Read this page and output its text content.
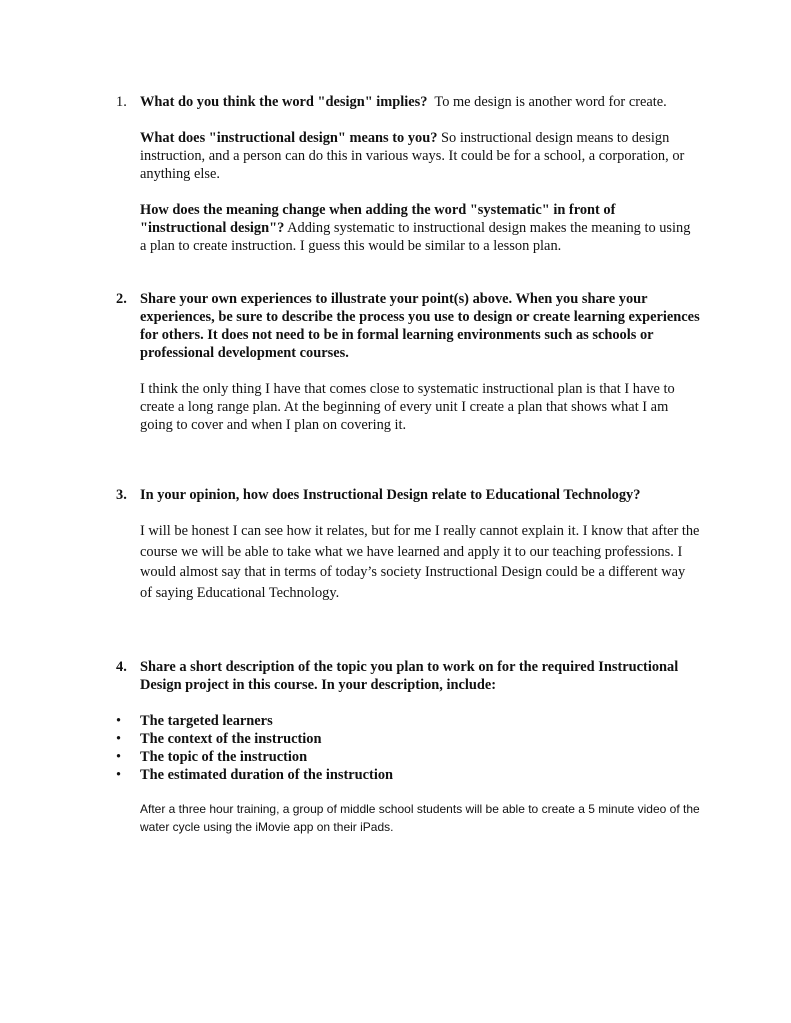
1. What do you think the word "design" implies? To me design is another word for create.

What does "instructional design" means to you? So instructional design means to design instruction, and a person can do this in various ways. It could be for a school, a corporation, or anything else.

How does the meaning change when adding the word "systematic" in front of "instructional design"? Adding systematic to instructional design makes the meaning to using a plan to create instruction. I guess this would be similar to a lesson plan.

2. Share your own experiences to illustrate your point(s) above. When you share your experiences, be sure to describe the process you use to design or create learning experiences for others. It does not need to be in formal learning environments such as schools or professional development courses.

I think the only thing I have that comes close to systematic instructional plan is that I have to create a long range plan. At the beginning of every unit I create a plan that shows what I am going to cover and when I plan on covering it.

3. In your opinion, how does Instructional Design relate to Educational Technology?

I will be honest I can see how it relates, but for me I really cannot explain it. I know that after the course we will be able to take what we have learned and apply it to our teaching professions. I would almost say that in terms of today’s society Instructional Design could be a different way of saying Educational Technology.

4. Share a short description of the topic you plan to work on for the required Instructional Design project in this course. In your description, include:

• The targeted learners
• The context of the instruction
• The topic of the instruction
• The estimated duration of the instruction

After a three hour training, a group of middle school students will be able to create a 5 minute video of the water cycle using the iMovie app on their iPads.
